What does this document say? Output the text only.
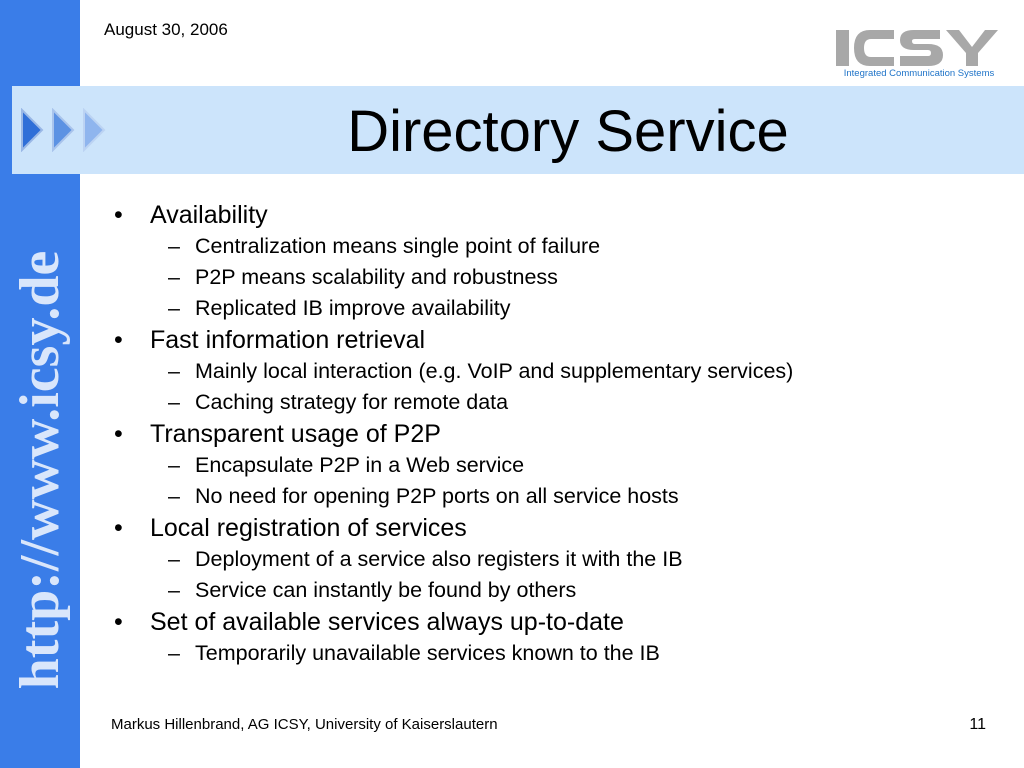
http://www.icsy.de
August 30, 2006
Integrated Communication Systems
Directory Service
• Availability
– Centralization means single point of failure
– P2P means scalability and robustness
– Replicated IB improve availability
• Fast information retrieval
– Mainly local interaction (e.g. VoIP and supplementary services)
– Caching strategy for remote data
• Transparent usage of P2P
– Encapsulate P2P in a Web service
– No need for opening P2P ports on all service hosts
• Local registration of services
– Deployment of a service also registers it with the IB
– Service can instantly be found by others
• Set of available services always up-to-date
– Temporarily unavailable services known to the IB
Markus Hillenbrand, AG ICSY, University of Kaiserslautern	11
